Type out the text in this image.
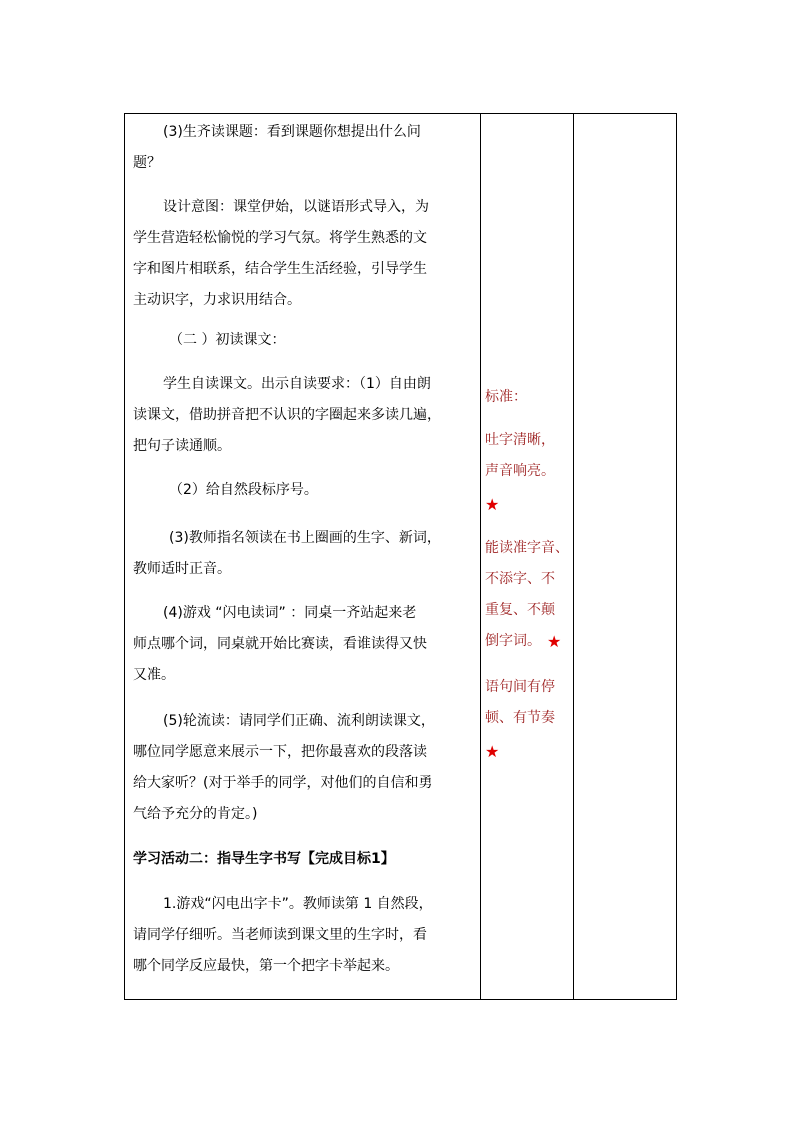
(3)生齐读课题：看到课题你想提出什么问

题？

设计意图：课堂伊始，以谜语形式导入，为

学生营造轻松愉悦的学习气氛。将学生熟悉的文

字和图片相联系，结合学生生活经验，引导学生

主动识字，力求识用结合。

（二 ）初读课文：

学生自读课文。出示自读要求：（1）自由朗

读课文，借助拼音把不认识的字圈起来多读几遍，

把句子读通顺。

（2）给自然段标序号。

(3)教师指名领读在书上圈画的生字、新词，

教师适时正音。

(4)游戏 “闪电读词” ：同桌一齐站起来老

师点哪个词，同桌就开始比赛读，看谁读得又快

又准。

(5)轮流读：请同学们正确、流利朗读课文，

哪位同学愿意来展示一下，把你最喜欢的段落读

给大家听？(对于举手的同学，对他们的自信和勇

气给予充分的肯定。)

学习活动二：指导生字书写【完成目标1】

1.游戏“闪电出字卡”。教师读第 1 自然段，

请同学仔细听。当老师读到课文里的生字时，看

哪个同学反应最快，第一个把字卡举起来。

标准：

吐字清晰，

声音响亮。

★

能读准字音、

不添字、不

重复、不颠

倒字词。 ★

语句间有停

顿、有节奏

★
